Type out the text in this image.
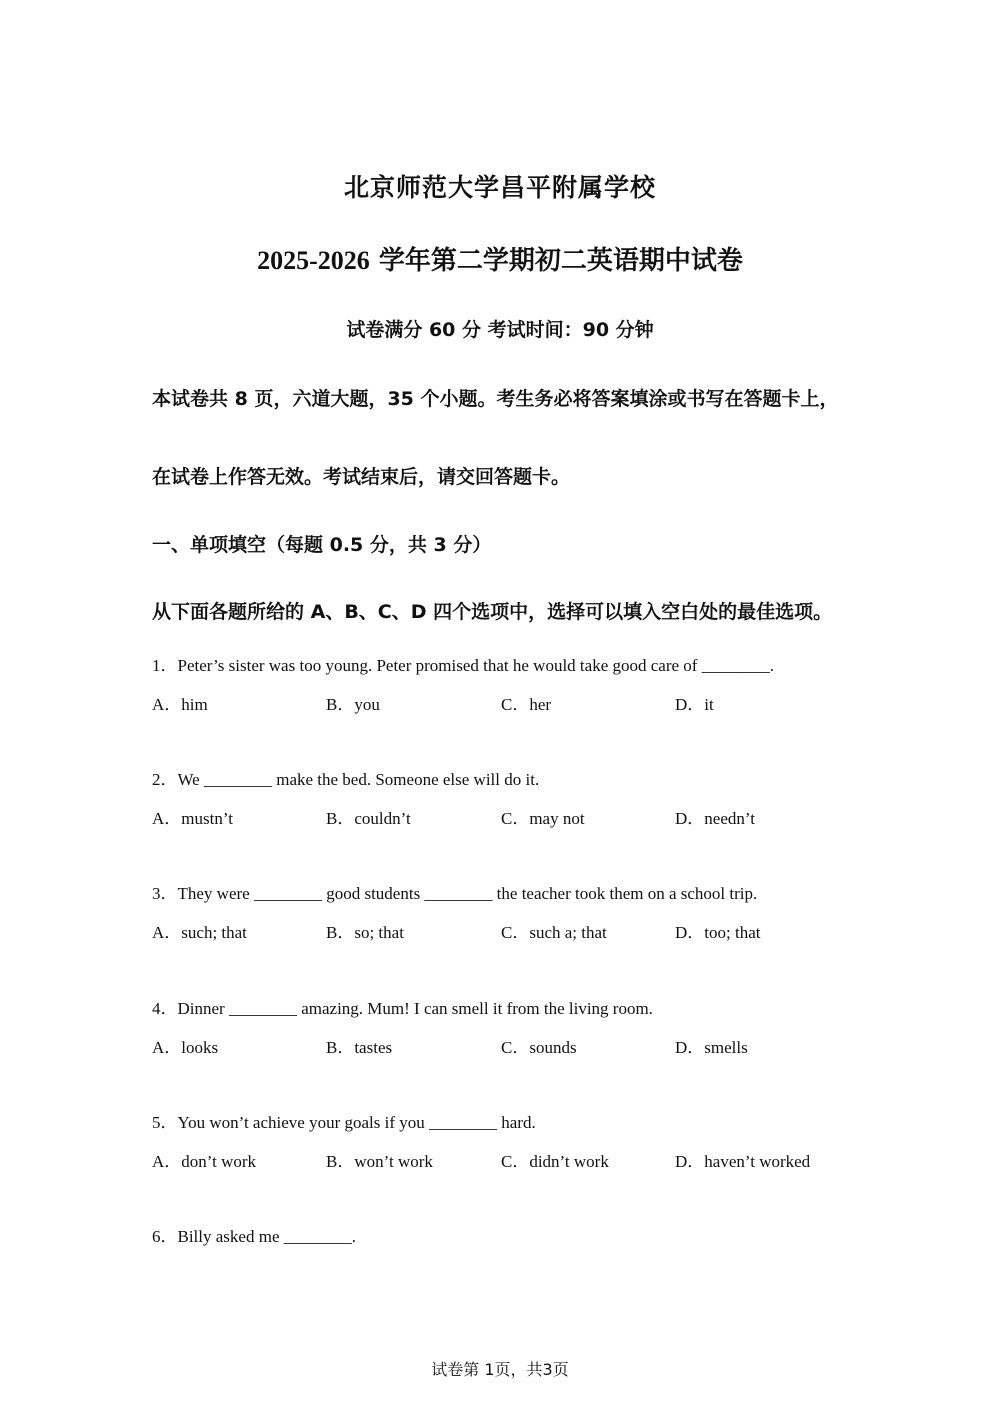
北京师范大学昌平附属学校
2025-2026 学年第二学期初二英语期中试卷
试卷满分 60 分 考试时间：90 分钟
本试卷共 8 页，六道大题，35 个小题。考生务必将答案填涂或书写在答题卡上，
在试卷上作答无效。考试结束后，请交回答题卡。
一、单项填空（每题 0.5 分，共 3 分）
从下面各题所给的 A、B、C、D 四个选项中，选择可以填入空白处的最佳选项。
1．Peter’s sister was too young. Peter promised that he would take good care of ________.
A．him	B．you	C．her	D．it
2．We ________ make the bed. Someone else will do it.
A．mustn’t	B．couldn’t	C．may not	D．needn’t
3．They were ________ good students ________ the teacher took them on a school trip.
A．such; that	B．so; that	C．such a; that	D．too; that
4．Dinner ________ amazing. Mum! I can smell it from the living room.
A．looks	B．tastes	C．sounds	D．smells
5．You won’t achieve your goals if you ________ hard.
A．don’t work	B．won’t work	C．didn’t work	D．haven’t worked
6．Billy asked me ________.
试卷第 1页，共3页
